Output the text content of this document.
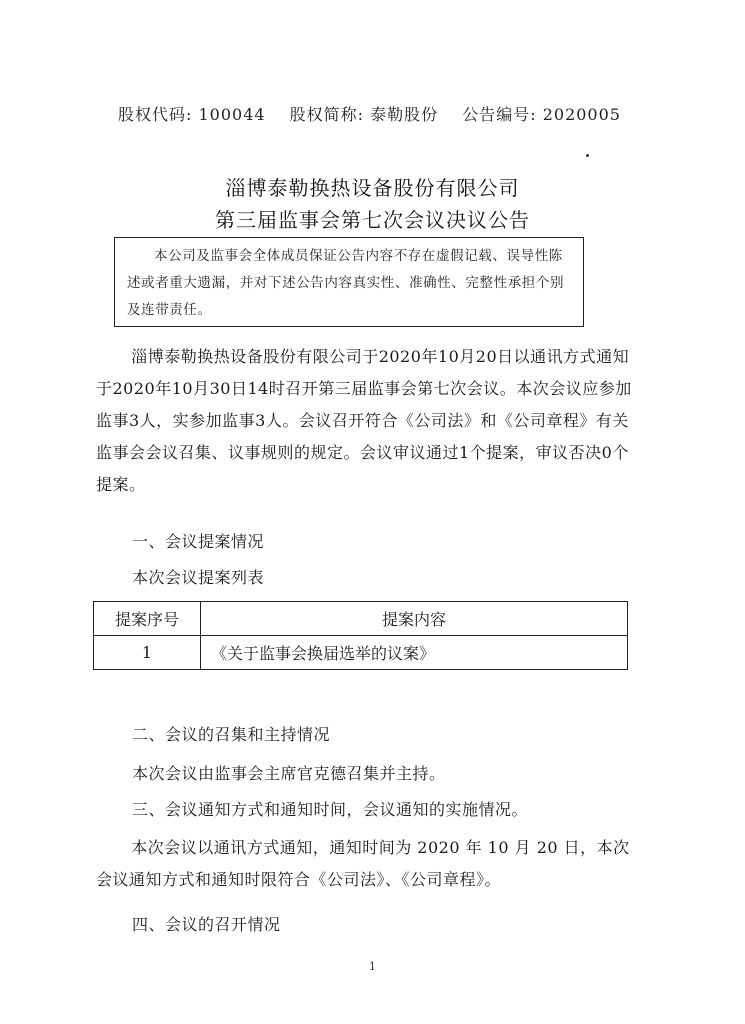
股权代码: 100044 股权简称: 泰勒股份 公告编号: 2020005
淄博泰勒换热设备股份有限公司
第三届监事会第七次会议决议公告

本公司及监事会全体成员保证公告内容不存在虚假记载、误导性陈述或者重大遗漏，并对下述公告内容真实性、准确性、完整性承担个别及连带责任。

淄博泰勒换热设备股份有限公司于2020年10月20日以通讯方式通知于2020年10月30日14时召开第三届监事会第七次会议。本次会议应参加监事3人，实参加监事3人。会议召开符合《公司法》和《公司章程》有关监事会会议召集、议事规则的规定。会议审议通过1个提案，审议否决0个提案。
一、会议提案情况
本次会议提案列表
提案序号	提案内容
1	《关于监事会换届选举的议案》
二、会议的召集和主持情况
本次会议由监事会主席官克德召集并主持。
三、会议通知方式和通知时间，会议通知的实施情况。
本次会议以通讯方式通知，通知时间为 2020 年 10 月 20 日，本次会议通知方式和通知时限符合《公司法》、《公司章程》。
四、会议的召开情况
1
